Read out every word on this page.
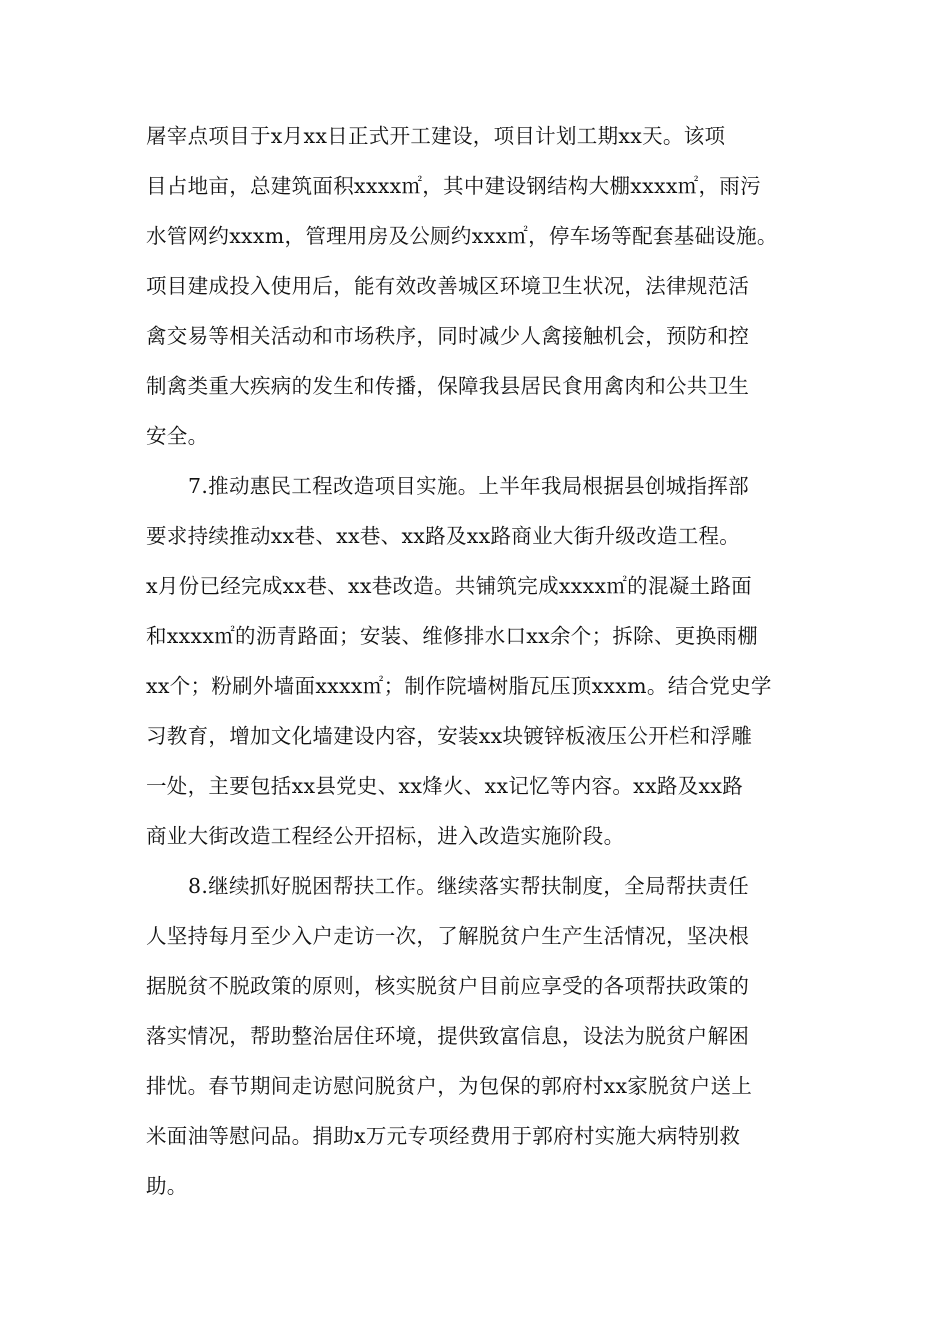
屠宰点项目于x月xx日正式开工建设，项目计划工期xx天。该项
目占地亩，总建筑面积xxxx㎡，其中建设钢结构大棚xxxx㎡，雨污
水管网约xxxm，管理用房及公厕约xxx㎡，停车场等配套基础设施。
项目建成投入使用后，能有效改善城区环境卫生状况，法律规范活
禽交易等相关活动和市场秩序，同时减少人禽接触机会，预防和控
制禽类重大疾病的发生和传播，保障我县居民食用禽肉和公共卫生
安全。
7.推动惠民工程改造项目实施。上半年我局根据县创城指挥部
要求持续推动xx巷、xx巷、xx路及xx路商业大街升级改造工程。
x月份已经完成xx巷、xx巷改造。共铺筑完成xxxx㎡的混凝土路面
和xxxx㎡的沥青路面；安装、维修排水口xx余个；拆除、更换雨棚
xx个；粉刷外墙面xxxx㎡；制作院墙树脂瓦压顶xxxm。结合党史学
习教育，增加文化墙建设内容，安装xx块镀锌板液压公开栏和浮雕
一处，主要包括xx县党史、xx烽火、xx记忆等内容。xx路及xx路
商业大街改造工程经公开招标，进入改造实施阶段。
8.继续抓好脱困帮扶工作。继续落实帮扶制度，全局帮扶责任
人坚持每月至少入户走访一次，了解脱贫户生产生活情况，坚决根
据脱贫不脱政策的原则，核实脱贫户目前应享受的各项帮扶政策的
落实情况，帮助整治居住环境，提供致富信息，设法为脱贫户解困
排忧。春节期间走访慰问脱贫户，为包保的郭府村xx家脱贫户送上
米面油等慰问品。捐助x万元专项经费用于郭府村实施大病特别救
助。
